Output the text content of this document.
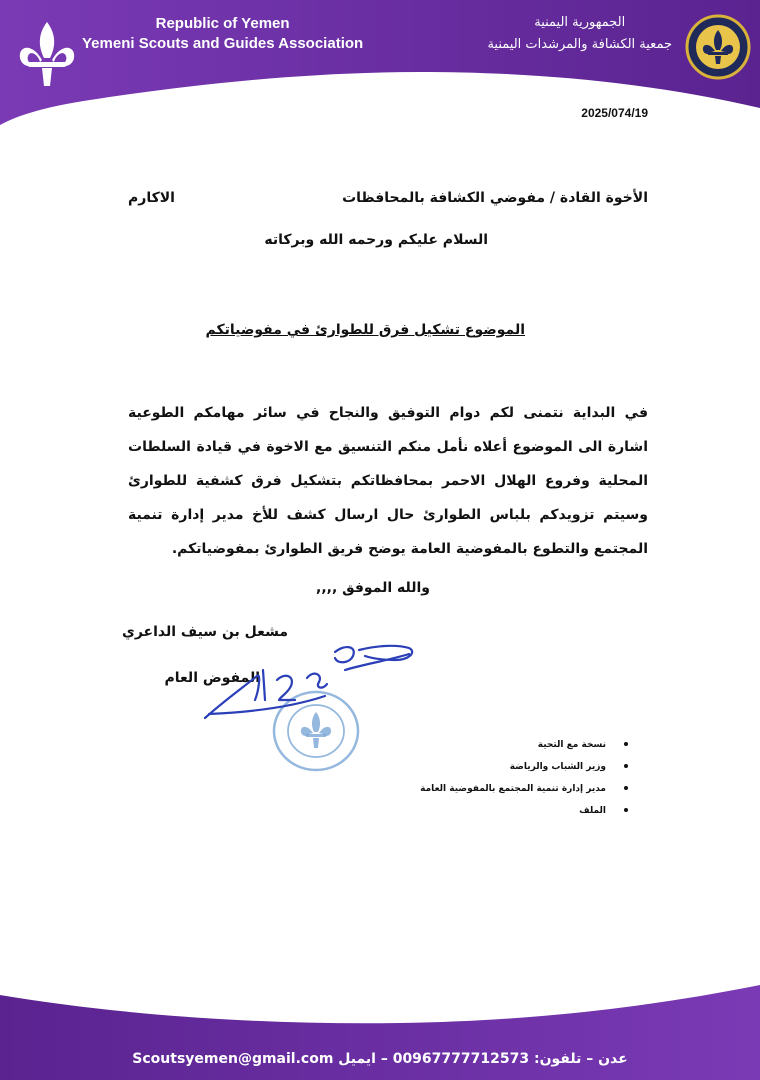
Republic of Yemen
Yemeni Scouts and Guides Association
الجمهورية اليمنية
جمعية الكشافة والمرشدات اليمنية
2025/074/19
الأخوة القادة / مفوضي الكشافة بالمحافظات
الاكارم
السلام عليكم ورحمه الله وبركاته
الموضوع تشكيل فرق للطوارئ في مفوضياتكم
في البداية نتمنى لكم دوام التوفيق والنجاح في سائر مهامكم الطوعية اشارة الى الموضوع أعلاه نأمل منكم التنسيق مع الاخوة في قيادة السلطات المحلية وفروع الهلال الاحمر بمحافظاتكم بتشكيل فرق كشفية للطوارئ وسيتم تزويدكم بلباس الطوارئ حال ارسال كشف للأخ مدير إدارة تنمية المجتمع والتطوع بالمفوضية العامة يوضح فريق الطوارئ بمفوضياتكم.
والله الموفق ,,,,
مشعل بن سيف الداعري
المفوض العام
نسخة مع التحية
وزير الشباب والرياضة
مدير إدارة تنمية المجتمع بالمفوضية العامة
الملف
عدن – تلفون: 00967777712573 – ايميل Scoutsyemen@gmail.com
